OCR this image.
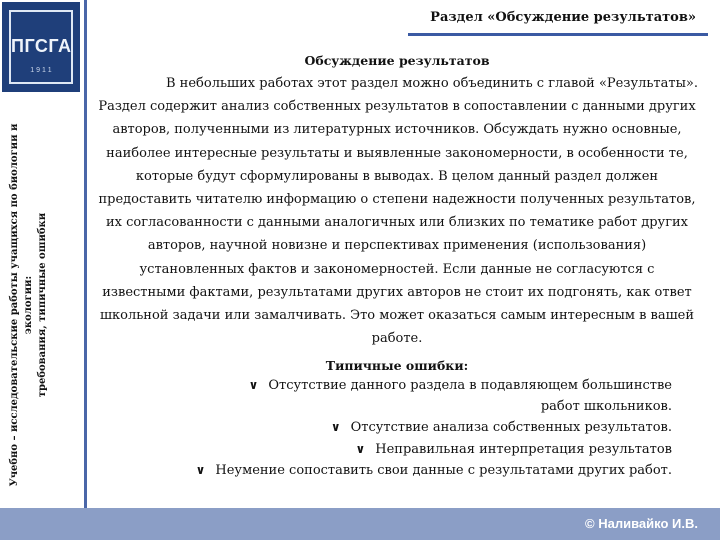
ПГСГА
1 9 1 1
Учебно – исследовательские работы учащихся по биологии и экологии: требования, типичные ошибки
Раздел «Обсуждение результатов»
Обсуждение результатов

В небольших работах этот раздел можно объединить с главой «Результаты». Раздел содержит анализ собственных результатов в сопоставлении с данными других авторов, полученными из литературных источников. Обсуждать нужно основные, наиболее интересные результаты и выявленные закономерности, в особенности те, которые будут сформулированы в выводах. В целом данный раздел должен предоставить читателю информацию о степени надежности полученных результатов, их согласованности с данными аналогичных или близких по тематике работ других авторов, научной новизне и перспективах применения (использования) установленных фактов и закономерностей. Если данные не согласуются с известными фактами, результатами других авторов не стоит их подгонять, как ответ школьной задачи или замалчивать. Это может оказаться самым интересным в вашей работе.

Типичные ошибки:
∨ Отсутствие данного раздела в подавляющем большинстве работ школьников.
∨ Отсутствие анализа собственных результатов.
∨ Неправильная интерпретация результатов
∨ Неумение сопоставить свои данные с результатами других работ.
© Наливайко И.В.
